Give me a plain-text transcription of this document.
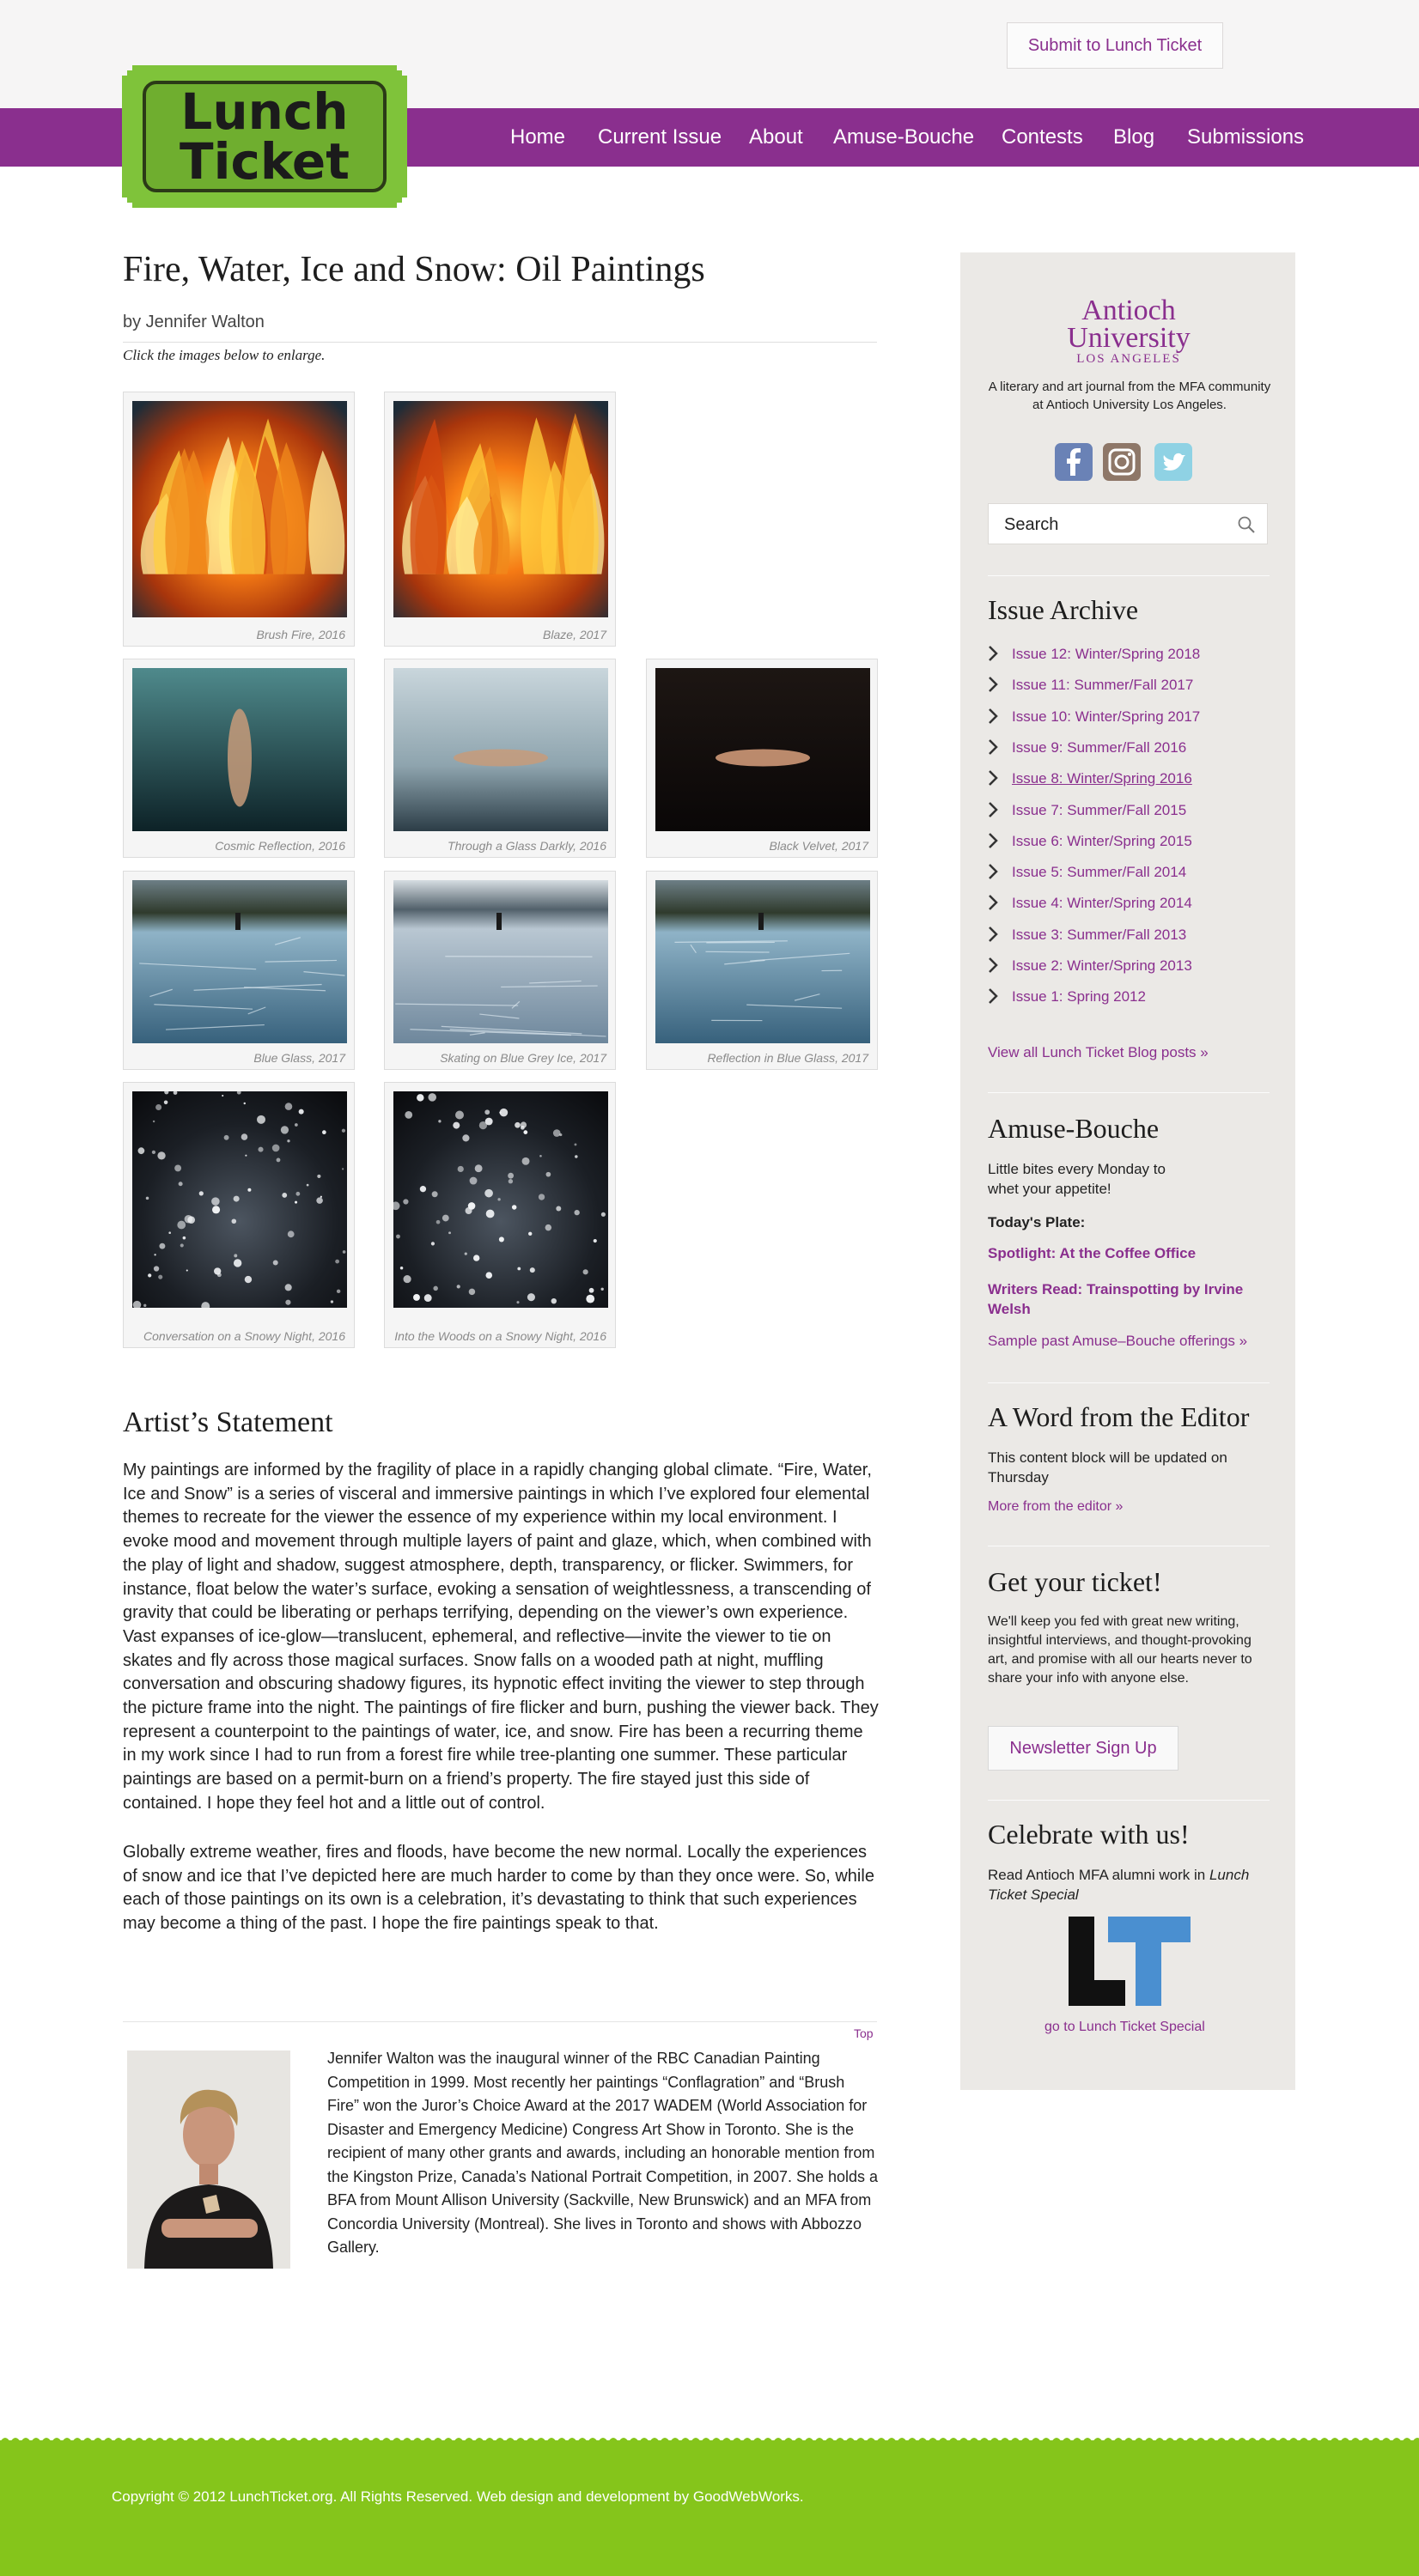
Submit to Lunch Ticket
Home Current Issue About Amuse-Bouche Contests Blog Submissions
Lunch
Ticket
Fire, Water, Ice and Snow: Oil Paintings
by Jennifer Walton
Click the images below to enlarge.
Brush Fire, 2016	Blaze, 2017
Cosmic Reflection, 2016	Through a Glass Darkly, 2016	Black Velvet, 2017
Blue Glass, 2017	Skating on Blue Grey Ice, 2017	Reflection in Blue Glass, 2017
Conversation on a Snowy Night, 2016	Into the Woods on a Snowy Night, 2016
Artist’s Statement

My paintings are informed by the fragility of place in a rapidly changing global climate. “Fire, Water, Ice and Snow” is a series of visceral and immersive paintings in which I’ve explored four elemental themes to recreate for the viewer the essence of my experience within my local environment. I evoke mood and movement through multiple layers of paint and glaze, which, when combined with the play of light and shadow, suggest atmosphere, depth, transparency, or flicker. Swimmers, for instance, float below the water’s surface, evoking a sensation of weightlessness, a transcending of gravity that could be liberating or perhaps terrifying, depending on the viewer’s own experience. Vast expanses of ice-glow—translucent, ephemeral, and reflective—invite the viewer to tie on skates and fly across those magical surfaces. Snow falls on a wooded path at night, muffling conversation and obscuring shadowy figures, its hypnotic effect inviting the viewer to step through the picture frame into the night. The paintings of fire flicker and burn, pushing the viewer back. They represent a counterpoint to the paintings of water, ice, and snow. Fire has been a recurring theme in my work since I had to run from a forest fire while tree-planting one summer. These particular paintings are based on a permit-burn on a friend’s property. The fire stayed just this side of contained. I hope they feel hot and a little out of control.

Globally extreme weather, fires and floods, have become the new normal. Locally the experiences of snow and ice that I’ve depicted here are much harder to come by than they once were. So, while each of those paintings on its own is a celebration, it’s devastating to think that such experiences may become a thing of the past. I hope the fire paintings speak to that.

Top

Jennifer Walton was the inaugural winner of the RBC Canadian Painting Competition in 1999. Most recently her paintings “Conflagration” and “Brush Fire” won the Juror’s Choice Award at the 2017 WADEM (World Association for Disaster and Emergency Medicine) Congress Art Show in Toronto. She is the recipient of many other grants and awards, including an honorable mention from the Kingston Prize, Canada’s National Portrait Competition, in 2007. She holds a BFA from Mount Allison University (Sackville, New Brunswick) and an MFA from Concordia University (Montreal). She lives in Toronto and shows with Abbozzo Gallery.

Antioch
University
LOS ANGELES

A literary and art journal from the MFA community at Antioch University Los Angeles.

Search
Issue Archive
Issue 12: Winter/Spring 2018
Issue 11: Summer/Fall 2017
Issue 10: Winter/Spring 2017
Issue 9: Summer/Fall 2016
Issue 8: Winter/Spring 2016
Issue 7: Summer/Fall 2015
Issue 6: Winter/Spring 2015
Issue 5: Summer/Fall 2014
Issue 4: Winter/Spring 2014
Issue 3: Summer/Fall 2013
Issue 2: Winter/Spring 2013
Issue 1: Spring 2012
View all Lunch Ticket Blog posts »
Amuse-Bouche

Little bites every Monday to whet your appetite!

Today's Plate:

Spotlight: At the Coffee Office
Writers Read: Trainspotting by Irvine Welsh
Sample past Amuse–Bouche offerings »
A Word from the Editor

This content block will be updated on Thursday

More from the editor »
Get your ticket!

We'll keep you fed with great new writing, insightful interviews, and thought-provoking art, and promise with all our hearts never to share your info with anyone else.

Newsletter Sign Up
Celebrate with us!

Read Antioch MFA alumni work in Lunch Ticket Special

go to Lunch Ticket Special
Copyright © 2012 LunchTicket.org. All Rights Reserved. Web design and development by GoodWebWorks.
